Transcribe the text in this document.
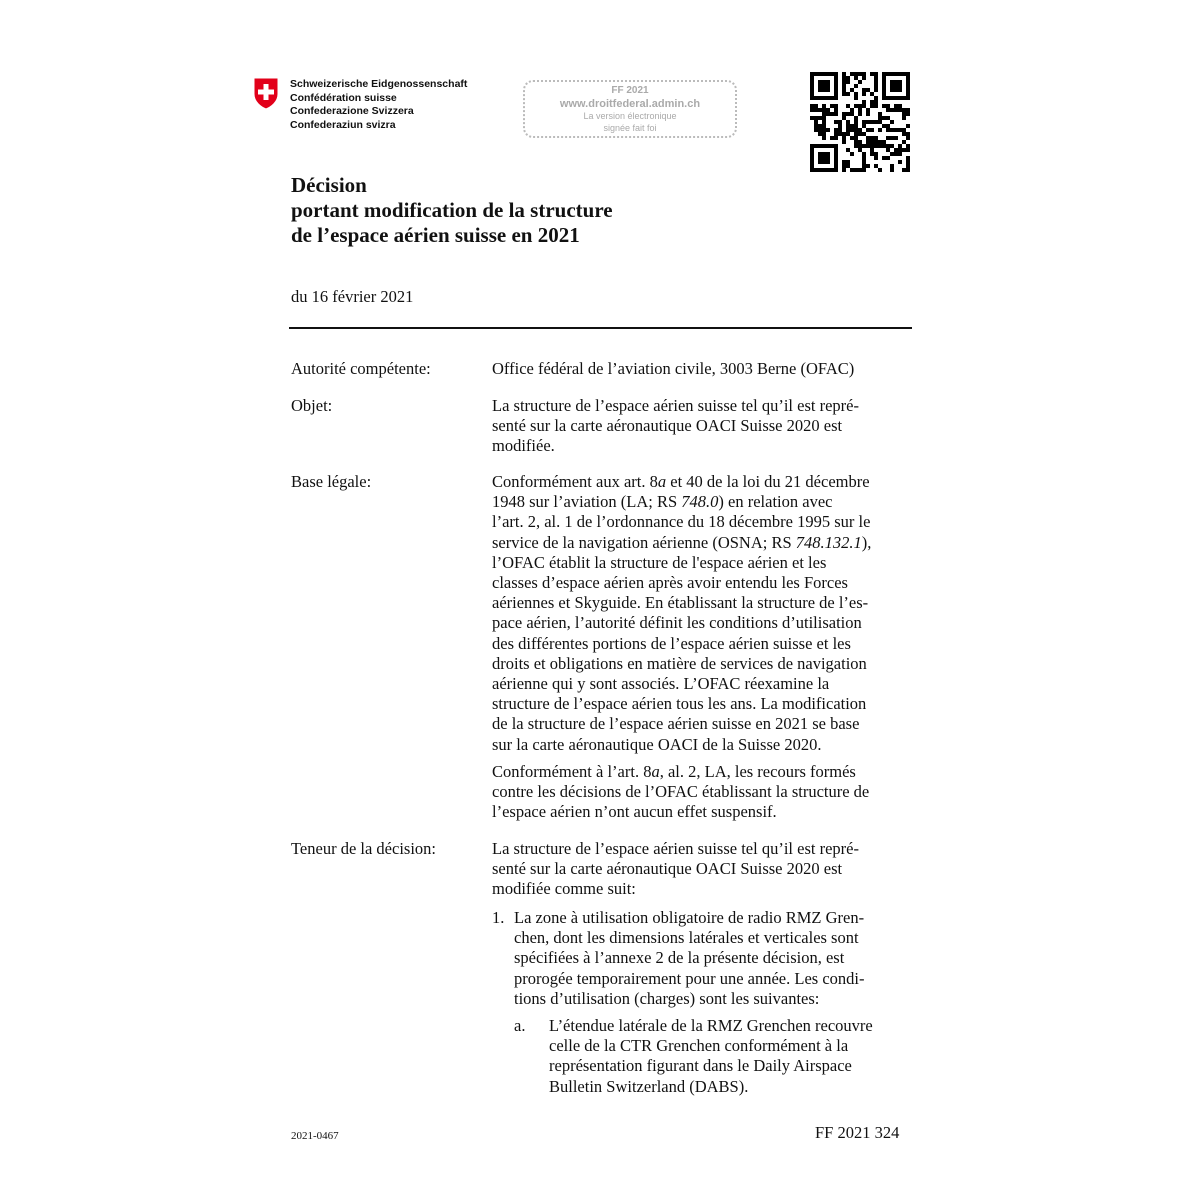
Schweizerische Eidgenossenschaft
Confédération suisse
Confederazione Svizzera
Confederaziun svizra
FF 2021
www.droitfederal.admin.ch
La version électronique
signée fait foi
Décision
portant modification de la structure
de l’espace aérien suisse en 2021
du 16 février 2021
Autorité compétente:	Office fédéral de l’aviation civile, 3003 Berne (OFAC)
Objet:	La structure de l’espace aérien suisse tel qu’il est repré-
senté sur la carte aéronautique OACI Suisse 2020 est
modifiée.
Base légale:	Conformément aux art. 8a et 40 de la loi du 21 décembre
1948 sur l’aviation (LA; RS 748.0) en relation avec
l’art. 2, al. 1 de l’ordonnance du 18 décembre 1995 sur le
service de la navigation aérienne (OSNA; RS 748.132.1),
l’OFAC établit la structure de l'espace aérien et les
classes d’espace aérien après avoir entendu les Forces
aériennes et Skyguide. En établissant la structure de l’es-
pace aérien, l’autorité définit les conditions d’utilisation
des différentes portions de l’espace aérien suisse et les
droits et obligations en matière de services de navigation
aérienne qui y sont associés. L’OFAC réexamine la
structure de l’espace aérien tous les ans. La modification
de la structure de l’espace aérien suisse en 2021 se base
sur la carte aéronautique OACI de la Suisse 2020.
Conformément à l’art. 8a, al. 2, LA, les recours formés
contre les décisions de l’OFAC établissant la structure de
l’espace aérien n’ont aucun effet suspensif.
Teneur de la décision:	La structure de l’espace aérien suisse tel qu’il est repré-
senté sur la carte aéronautique OACI Suisse 2020 est
modifiée comme suit:
1. La zone à utilisation obligatoire de radio RMZ Gren-
chen, dont les dimensions latérales et verticales sont
spécifiées à l’annexe 2 de la présente décision, est
prorogée temporairement pour une année. Les condi-
tions d’utilisation (charges) sont les suivantes:
a. L’étendue latérale de la RMZ Grenchen recouvre
celle de la CTR Grenchen conformément à la
représentation figurant dans le Daily Airspace
Bulletin Switzerland (DABS).
2021-0467	FF 2021 324
